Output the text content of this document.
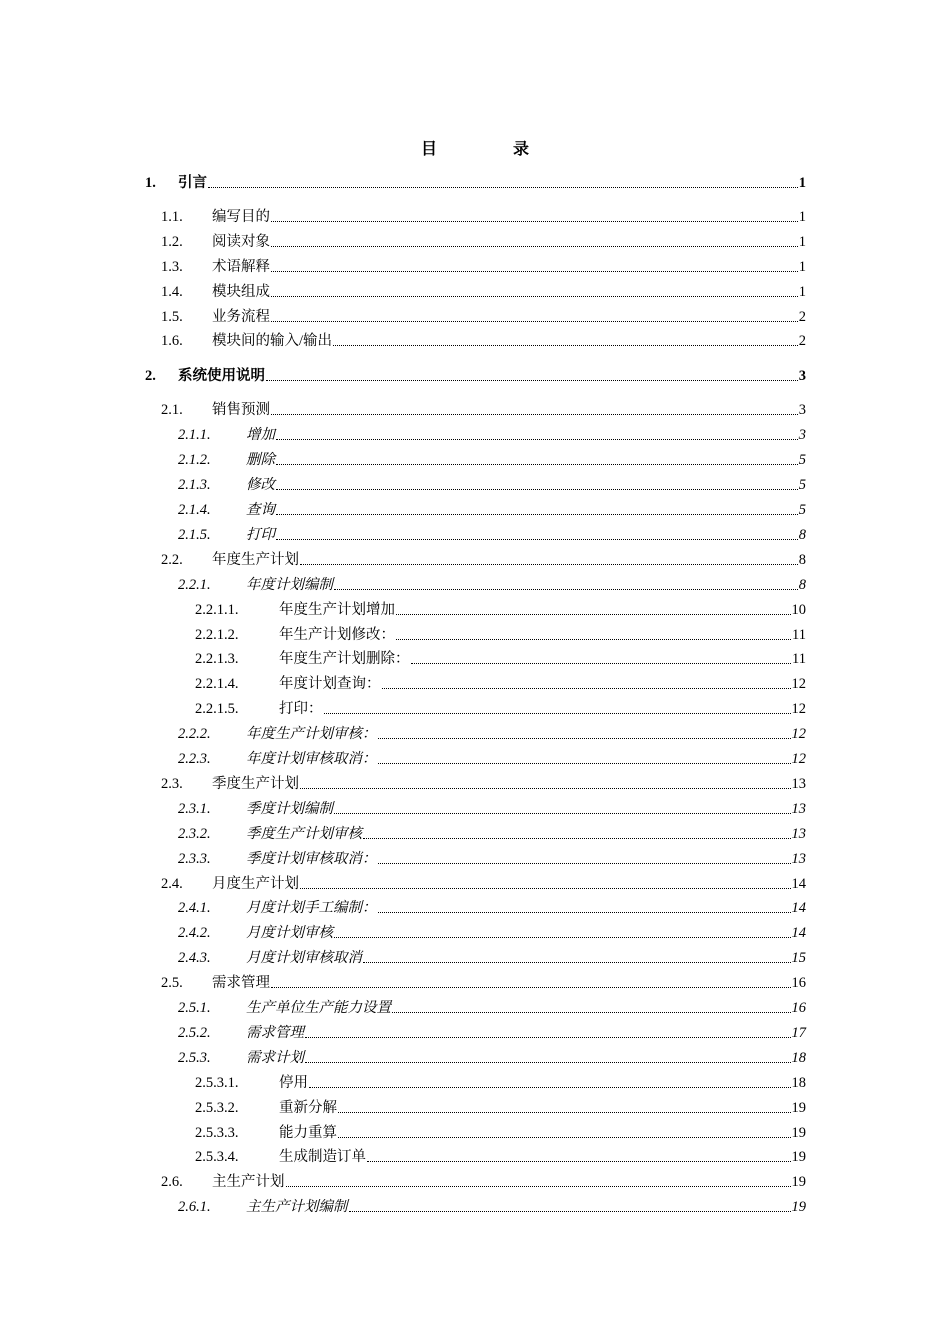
目　录
1.	引言	1
1.1.	编写目的	1
1.2.	阅读对象	1
1.3.	术语解释	1
1.4.	模块组成	1
1.5.	业务流程	2
1.6.	模块间的输入/输出	2
2.	系统使用说明	3
2.1.	销售预测	3
2.1.1.	增加	3
2.1.2.	删除	5
2.1.3.	修改	5
2.1.4.	查询	5
2.1.5.	打印	8
2.2.	年度生产计划	8
2.2.1.	年度计划编制	8
2.2.1.1.	年度生产计划增加	10
2.2.1.2.	年生产计划修改：	11
2.2.1.3.	年度生产计划删除：	11
2.2.1.4.	年度计划查询：	12
2.2.1.5.	打印：	12
2.2.2.	年度生产计划审核：	12
2.2.3.	年度计划审核取消：	12
2.3.	季度生产计划	13
2.3.1.	季度计划编制	13
2.3.2.	季度生产计划审核	13
2.3.3.	季度计划审核取消：	13
2.4.	月度生产计划	14
2.4.1.	月度计划手工编制：	14
2.4.2.	月度计划审核	14
2.4.3.	月度计划审核取消	15
2.5.	需求管理	16
2.5.1.	生产单位生产能力设置	16
2.5.2.	需求管理	17
2.5.3.	需求计划	18
2.5.3.1.	停用	18
2.5.3.2.	重新分解	19
2.5.3.3.	能力重算	19
2.5.3.4.	生成制造订单	19
2.6.	主生产计划	19
2.6.1.	主生产计划编制	19
